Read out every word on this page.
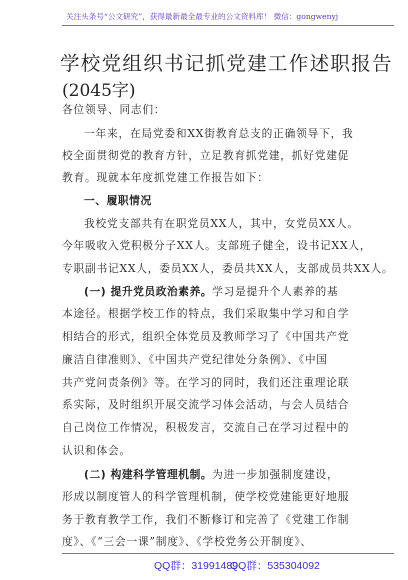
关注头条号“公文研究”，获得最新最全最专业的公文资料库！ 微信：gongwenyj
学校党组织书记抓党建工作述职报告
(2045字)
各位领导、同志们：
一年来，在局党委和XX街教育总支的正确领导下，我
校全面贯彻党的教育方针，立足教育抓党建，抓好党建促
教育。现就本年度抓党建工作报告如下：
一、履职情况
我校党支部共有在职党员XX人，其中，女党员XX人。
今年吸收入党积极分子XX人。支部班子健全，设书记XX人，
专职副书记XX人，委员XX人，委员共XX人，支部成员共XX人。
(一) 提升党员政治素养。学习是提升个人素养的基
本途径。根据学校工作的特点，我们采取集中学习和自学
相结合的形式，组织全体党员及教师学习了《中国共产党
廉洁自律准则》、《中国共产党纪律处分条例》、《中国
共产党问责条例》等。在学习的同时，我们还注重理论联
系实际，及时组织开展交流学习体会活动，与会人员结合
自己岗位工作情况，积极发言，交流自己在学习过程中的
认识和体会。
(二) 构建科学管理机制。为进一步加强制度建设，
形成以制度管人的科学管理机制，使学校党建能更好地服
务于教育教学工作，我们不断修订和完善了《党建工作制
度》、《“三会一课”制度》、《学校党务公开制度》、
QQ群：31991489
QQ群：535304092
